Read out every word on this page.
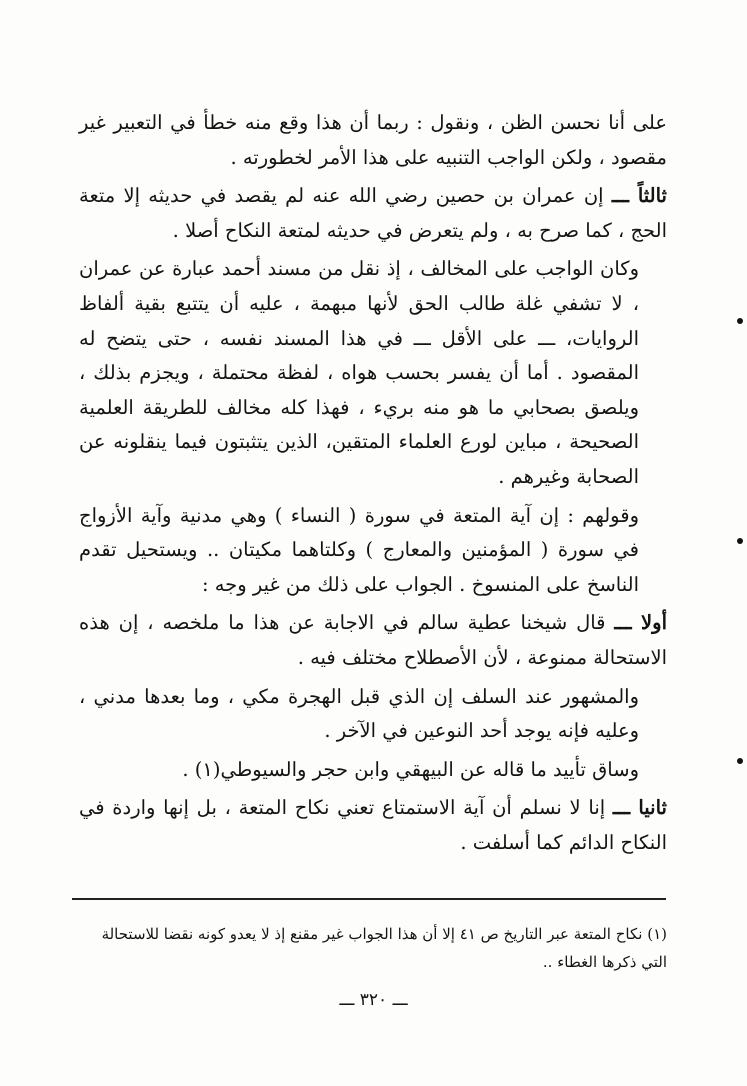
على أنا نحسن الظن ، ونقول : ربما أن هذا وقع منه خطأ في التعبير غير مقصود ، ولكن الواجب التنبيه على هذا الأمر لخطورته .

ثالثاً ـــ إن عمران بن حصين رضي الله عنه لم يقصد في حديثه إلا متعة الحج ، كما صرح به ، ولم يتعرض في حديثه لمتعة النكاح أصلا .

وكان الواجب على المخالف ، إذ نقل من مسند أحمد عبارة عن عمران ، لا تشفي غلة طالب الحق لأنها مبهمة ، عليه أن يتتبع بقية ألفاظ الروايات، ـــ على الأقل ـــ في هذا المسند نفسه ، حتى يتضح له المقصود . أما أن يفسر بحسب هواه ، لفظة محتملة ، ويجزم بذلك ، ويلصق بصحابي ما هو منه بريء ، فهذا كله مخالف للطريقة العلمية الصحيحة ، مباين لورع العلماء المتقين، الذين يتثبتون فيما ينقلونه عن الصحابة وغيرهم .

وقولهم : إن آية المتعة في سورة ( النساء ) وهي مدنية وآية الأزواج في سورة ( المؤمنين والمعارج ) وكلتاهما مكيتان .. ويستحيل تقدم الناسخ على المنسوخ . الجواب على ذلك من غير وجه :

أولا ـــ قال شيخنا عطية سالم في الاجابة عن هذا ما ملخصه ، إن هذه الاستحالة ممنوعة ، لأن الأصطلاح مختلف فيه .

والمشهور عند السلف إن الذي قبل الهجرة مكي ، وما بعدها مدني ، وعليه فإنه يوجد أحد النوعين في الآخر .

وساق تأييد ما قاله عن البيهقي وابن حجر والسيوطي(١) .

ثانيا ـــ إنا لا نسلم أن آية الاستمتاع تعني نكاح المتعة ، بل إنها واردة في النكاح الدائم كما أسلفت .

(١) نكاح المتعة عبر التاريخ ص ٤١ إلا أن هذا الجواب غير مقنع إذ لا يعدو كونه نقضا للاستحالة التي ذكرها الغطاء ..
ـــ ٣٢٠ ـــ
